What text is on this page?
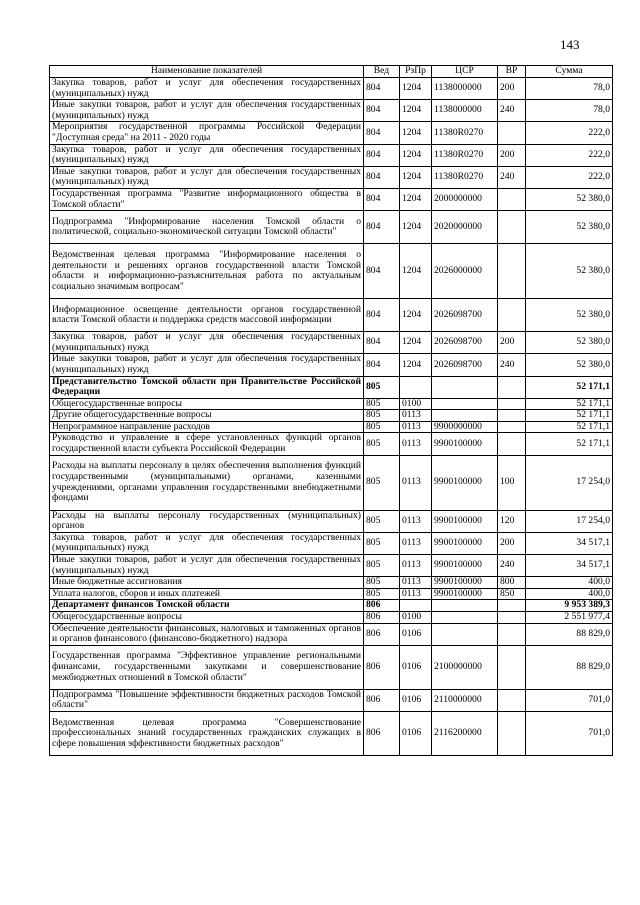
143
Наименование показателей	Вед	РзПр	ЦСР	ВР	Сумма
Закупка товаров, работ и услуг для обеспечения государственных (муниципальных) нужд	804	1204	1138000000	200	78,0
Иные закупки товаров, работ и услуг для обеспечения государственных (муниципальных) нужд	804	1204	1138000000	240	78,0
Мероприятия государственной программы Российской Федерации "Доступная среда" на 2011 - 2020 годы	804	1204	11380R0270		222,0
Закупка товаров, работ и услуг для обеспечения государственных (муниципальных) нужд	804	1204	11380R0270	200	222,0
Иные закупки товаров, работ и услуг для обеспечения государственных (муниципальных) нужд	804	1204	11380R0270	240	222,0
Государственная программа "Развитие информационного общества в Томской области"	804	1204	2000000000		52 380,0
Подпрограмма "Информирование населения Томской области о политической, социально-экономической ситуации Томской области"	804	1204	2020000000		52 380,0
Ведомственная целевая программа "Информирование населения о деятельности и решениях органов государственной власти Томской области и информационно-разъяснительная работа по актуальным социально значимым вопросам"	804	1204	2026000000		52 380,0
Информационное освещение деятельности органов государственной власти Томской области и поддержка средств массовой информации	804	1204	2026098700		52 380,0
Закупка товаров, работ и услуг для обеспечения государственных (муниципальных) нужд	804	1204	2026098700	200	52 380,0
Иные закупки товаров, работ и услуг для обеспечения государственных (муниципальных) нужд	804	1204	2026098700	240	52 380,0
Представительство Томской области при Правительстве Российской Федерации	805				52 171,1
Общегосударственные вопросы	805	0100			52 171,1
Другие общегосударственные вопросы	805	0113			52 171,1
Непрограммное направление расходов	805	0113	9900000000		52 171,1
Руководство и управление в сфере установленных функций органов государственной власти субъекта Российской Федерации	805	0113	9900100000		52 171,1
Расходы на выплаты персоналу в целях обеспечения выполнения функций государственными (муниципальными) органами, казенными учреждениями, органами управления государственными внебюджетными фондами	805	0113	9900100000	100	17 254,0
Расходы на выплаты персоналу государственных (муниципальных) органов	805	0113	9900100000	120	17 254,0
Закупка товаров, работ и услуг для обеспечения государственных (муниципальных) нужд	805	0113	9900100000	200	34 517,1
Иные закупки товаров, работ и услуг для обеспечения государственных (муниципальных) нужд	805	0113	9900100000	240	34 517,1
Иные бюджетные ассигнования	805	0113	9900100000	800	400,0
Уплата налогов, сборов и иных платежей	805	0113	9900100000	850	400,0
Департамент финансов Томской области	806				9 953 389,3
Общегосударственные вопросы	806	0100			2 551 977,4
Обеспечение деятельности финансовых, налоговых и таможенных органов и органов финансового (финансово-бюджетного) надзора	806	0106			88 829,0
Государственная программа "Эффективное управление региональными финансами, государственными закупками и совершенствование межбюджетных отношений в Томской области"	806	0106	2100000000		88 829,0
Подпрограмма "Повышение эффективности бюджетных расходов Томской области"	806	0106	2110000000		701,0
Ведомственная целевая программа "Совершенствование профессиональных знаний государственных гражданских служащих в сфере повышения эффективности бюджетных расходов"	806	0106	2116200000		701,0
